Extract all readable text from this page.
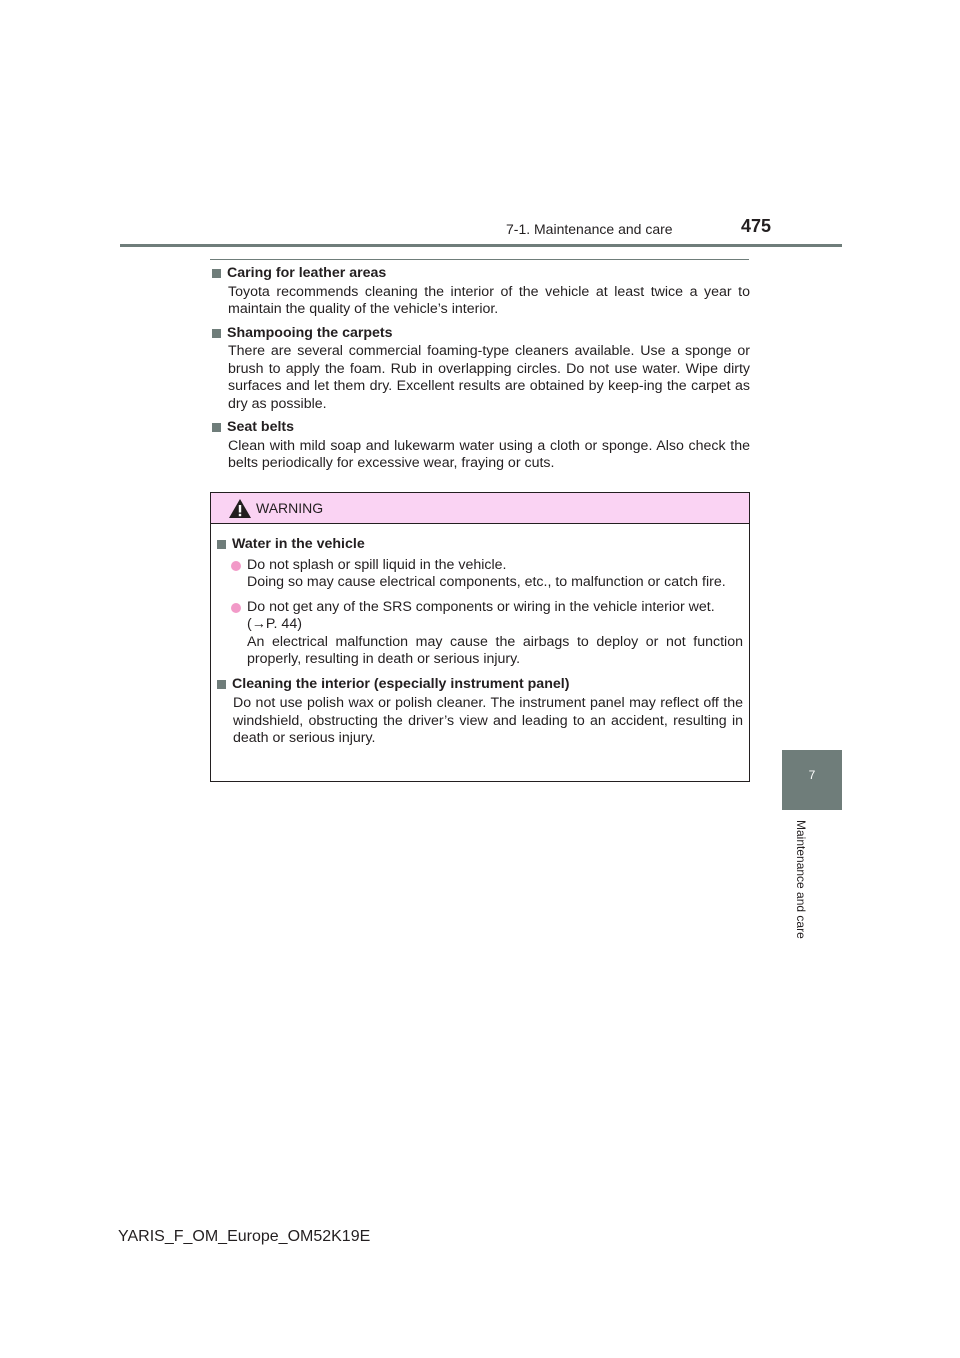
7-1. Maintenance and care	475
7
Maintenance and care

Caring for leather areas

Toyota recommends cleaning the interior of the vehicle at least twice a year to maintain the quality of the vehicle’s interior.

Shampooing the carpets

There are several commercial foaming-type cleaners available. Use a sponge or brush to apply the foam. Rub in overlapping circles. Do not use water. Wipe dirty surfaces and let them dry. Excellent results are obtained by keep-ing the carpet as dry as possible.

Seat belts

Clean with mild soap and lukewarm water using a cloth or sponge. Also check the belts periodically for excessive wear, fraying or cuts.

WARNING

Water in the vehicle

Do not splash or spill liquid in the vehicle.
Doing so may cause electrical components, etc., to malfunction or catch fire.
Do not get any of the SRS components or wiring in the vehicle interior wet.
(→P. 44)
An electrical malfunction may cause the airbags to deploy or not function properly, resulting in death or serious injury.

Cleaning the interior (especially instrument panel)

Do not use polish wax or polish cleaner. The instrument panel may reflect off the windshield, obstructing the driver’s view and leading to an accident, resulting in death or serious injury.

YARIS_F_OM_Europe_OM52K19E
